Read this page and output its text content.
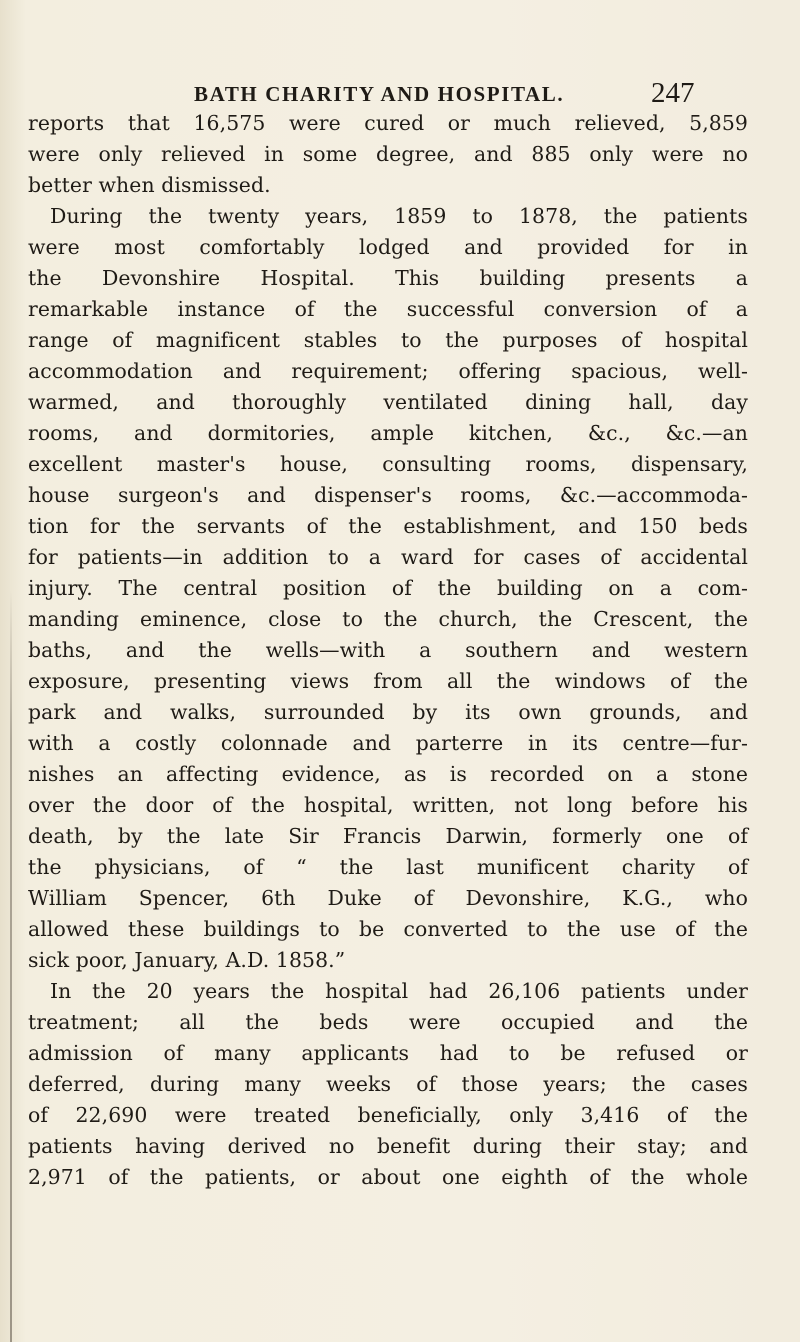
BATH CHARITY AND HOSPITAL.	247
reports that 16,575 were cured or much relieved, 5,859
were only relieved in some degree, and 885 only were no
better when dismissed.
During the twenty years, 1859 to 1878, the patients
were most comfortably lodged and provided for in
the Devonshire Hospital. This building presents a
remarkable instance of the successful conversion of a
range of magnificent stables to the purposes of hospital
accommodation and requirement; offering spacious, well-
warmed, and thoroughly ventilated dining hall, day
rooms, and dormitories, ample kitchen, &c., &c.—an
excellent master's house, consulting rooms, dispensary,
house surgeon's and dispenser's rooms, &c.—accommoda-
tion for the servants of the establishment, and 150 beds
for patients—in addition to a ward for cases of accidental
injury. The central position of the building on a com-
manding eminence, close to the church, the Crescent, the
baths, and the wells—with a southern and western
exposure, presenting views from all the windows of the
park and walks, surrounded by its own grounds, and
with a costly colonnade and parterre in its centre—fur-
nishes an affecting evidence, as is recorded on a stone
over the door of the hospital, written, not long before his
death, by the late Sir Francis Darwin, formerly one of
the physicians, of “ the last munificent charity of
William Spencer, 6th Duke of Devonshire, K.G., who
allowed these buildings to be converted to the use of the
sick poor, January, A.D. 1858.”
In the 20 years the hospital had 26,106 patients under
treatment; all the beds were occupied and the
admission of many applicants had to be refused or
deferred, during many weeks of those years; the cases
of 22,690 were treated beneficially, only 3,416 of the
patients having derived no benefit during their stay; and
2,971 of the patients, or about one eighth of the whole
